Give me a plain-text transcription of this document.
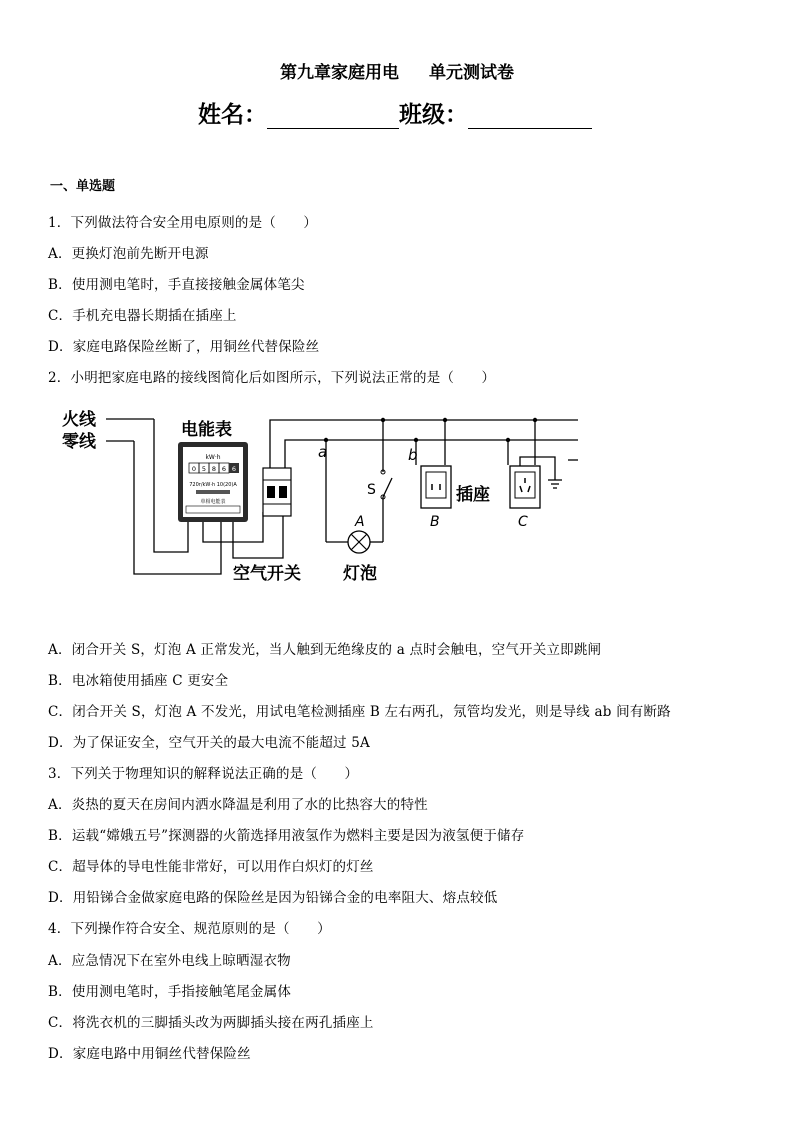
第九章家庭用电 单元测试卷
姓名：	班级：
一、单选题
1．下列做法符合安全用电原则的是（　　）
A．更换灯泡前先断开电源
B．使用测电笔时，手直接接触金属体笔尖
C．手机充电器长期插在插座上
D．家庭电路保险丝断了，用铜丝代替保险丝
2．小明把家庭电路的接线图简化后如图所示，下列说法正常的是（　　）
kW·h
0 5 8 6 6
720r/kW·h 10(20)A
单相电能表
火线
零线
电能表
空气开关 灯泡
插座
a	b
S
A	B	C
A．闭合开关 S，灯泡 A 正常发光，当人触到无绝缘皮的 a 点时会触电，空气开关立即跳闸
B．电冰箱使用插座 C 更安全
C．闭合开关 S，灯泡 A 不发光，用试电笔检测插座 B 左右两孔，氖管均发光，则是导线 ab 间有断路
D．为了保证安全，空气开关的最大电流不能超过 5A
3．下列关于物理知识的解释说法正确的是（　　）
A．炎热的夏天在房间内洒水降温是利用了水的比热容大的特性
B．运载“嫦娥五号”探测器的火箭选择用液氢作为燃料主要是因为液氢便于储存
C．超导体的导电性能非常好，可以用作白炽灯的灯丝
D．用铅锑合金做家庭电路的保险丝是因为铅锑合金的电率阻大、熔点较低
4．下列操作符合安全、规范原则的是（　　）
A．应急情况下在室外电线上晾晒湿衣物
B．使用测电笔时，手指接触笔尾金属体
C．将洗衣机的三脚插头改为两脚插头接在两孔插座上
D．家庭电路中用铜丝代替保险丝
